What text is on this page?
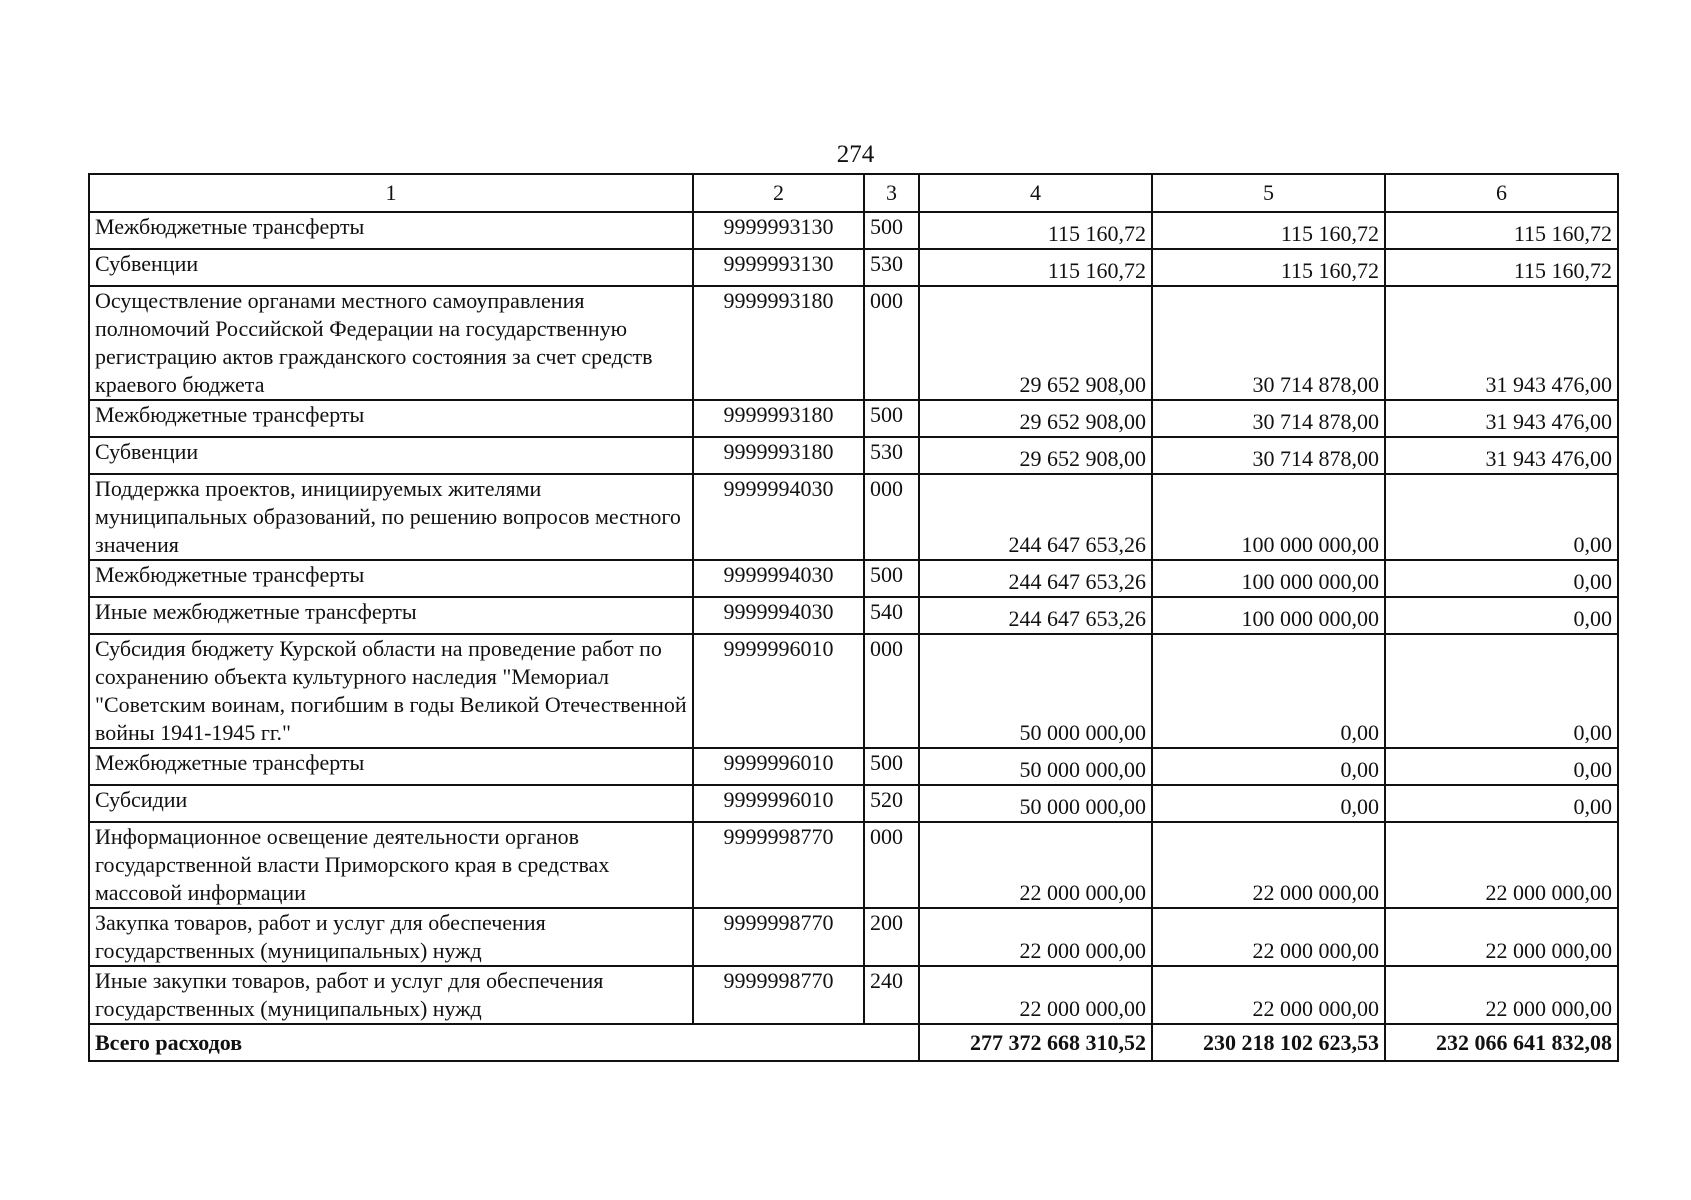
274
1	2	3	4	5	6
Межбюджетные трансферты	9999993130	500	115 160,72	115 160,72	115 160,72
Субвенции	9999993130	530	115 160,72	115 160,72	115 160,72
Осуществление органами местного самоуправления полномочий Российской Федерации на государственную регистрацию актов гражданского состояния за счет средств краевого бюджета	9999993180	000	29 652 908,00	30 714 878,00	31 943 476,00
Межбюджетные трансферты	9999993180	500	29 652 908,00	30 714 878,00	31 943 476,00
Субвенции	9999993180	530	29 652 908,00	30 714 878,00	31 943 476,00
Поддержка проектов, инициируемых жителями муниципальных образований, по решению вопросов местного значения	9999994030	000	244 647 653,26	100 000 000,00	0,00
Межбюджетные трансферты	9999994030	500	244 647 653,26	100 000 000,00	0,00
Иные межбюджетные трансферты	9999994030	540	244 647 653,26	100 000 000,00	0,00
Субсидия бюджету Курской области на проведение работ по сохранению объекта культурного наследия "Мемориал "Советским воинам, погибшим в годы Великой Отечественной войны 1941-1945 гг."	9999996010	000	50 000 000,00	0,00	0,00
Межбюджетные трансферты	9999996010	500	50 000 000,00	0,00	0,00
Субсидии	9999996010	520	50 000 000,00	0,00	0,00
Информационное освещение деятельности органов государственной власти Приморского края в средствах массовой информации	9999998770	000	22 000 000,00	22 000 000,00	22 000 000,00
Закупка товаров, работ и услуг для обеспечения государственных (муниципальных) нужд	9999998770	200	22 000 000,00	22 000 000,00	22 000 000,00
Иные закупки товаров, работ и услуг для обеспечения государственных (муниципальных) нужд	9999998770	240	22 000 000,00	22 000 000,00	22 000 000,00
Всего расходов			277 372 668 310,52	230 218 102 623,53	232 066 641 832,08
